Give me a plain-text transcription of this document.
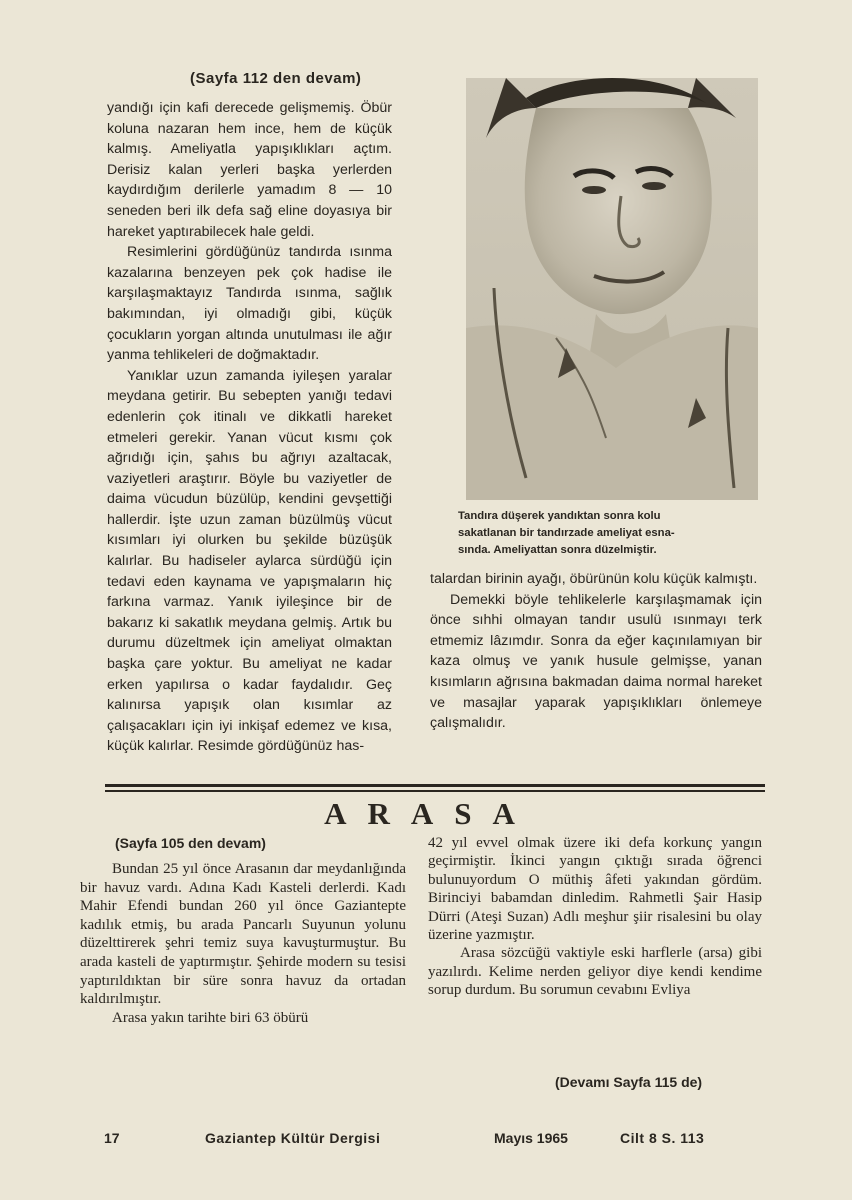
(Sayfa 112 den devam)

yandığı için kafi derecede gelişmemiş. Öbür koluna nazaran hem ince, hem de küçük kalmış. Ameliyatla yapışıklıkları açtım. Derisiz kalan yerleri başka yerlerden kaydırdığım derilerle yamadım 8 — 10 seneden beri ilk defa sağ eline doyasıya bir hareket yaptırabilecek hale geldi.

Resimlerini gördüğünüz tandırda ısınma kazalarına benzeyen pek çok hadise ile karşılaşmaktayız Tandırda ısınma, sağlık bakımından, iyi olmadığı gibi, küçük çocukların yorgan altında unutulması ile ağır yanma tehlikeleri de doğmaktadır.

Yanıklar uzun zamanda iyileşen yaralar meydana getirir. Bu sebepten yanığı tedavi edenlerin çok itinalı ve dikkatli hareket etmeleri gerekir. Yanan vücut kısmı çok ağrıdığı için, şahıs bu ağrıyı azaltacak, vaziyetleri araştırır. Böyle bu vaziyetler de daima vücudun büzülüp, kendini gevşettiği hallerdir. İşte uzun zaman büzülmüş vücut kısımları iyi olurken bu şekilde büzüşük kalırlar. Bu hadiseler aylarca sürdüğü için tedavi eden kaynama ve yapışmaların hiç farkına varmaz. Yanık iyileşince bir de bakarız ki sakatlık meydana gelmiş. Artık bu durumu düzeltmek için ameliyat olmaktan başka çare yoktur. Bu ameliyat ne kadar erken yapılırsa o kadar faydalıdır. Geç kalınırsa yapışık olan kısımlar az çalışacakları için iyi inkişaf edemez ve kısa, küçük kalırlar. Resimde gördüğünüz has-

Tandıra düşerek yandıktan sonra kolu
sakatlanan bir tandırzade ameliyat esna-
sında. Ameliyattan sonra düzelmiştir.

talardan birinin ayağı, öbürünün kolu küçük kalmıştı.

Demekki böyle tehlikelerle karşılaşmamak için önce sıhhi olmayan tandır usulü ısınmayı terk etmemiz lâzımdır. Sonra da eğer kaçınılamıyan bir kaza olmuş ve yanık husule gelmişse, yanan kısımların ağrısına bakmadan daima normal hareket ve masajlar yaparak yapışıklıkları önlemeye çalışmalıdır.

ARASA
(Sayfa 105 den devam)

Bundan 25 yıl önce Arasanın dar meydanlığında bir havuz vardı. Adına Kadı Kasteli derlerdi. Kadı Mahir Efendi bundan 260 yıl önce Gaziantepte kadılık etmiş, bu arada Pancarlı Suyunun yolunu düzelttirerek şehri temiz suya kavuşturmuştur. Bu arada kasteli de yaptırmıştır. Şehirde modern su tesisi yaptırıldıktan bir süre sonra havuz da ortadan kaldırılmıştır.

Arasa yakın tarihte biri 63 öbürü

42 yıl evvel olmak üzere iki defa korkunç yangın geçirmiştir. İkinci yangın çıktığı sırada öğrenci bulunuyordum O müthiş âfeti yakından gördüm. Birinciyi babamdan dinledim. Rahmetli Şair Hasip Dürri (Ateşi Suzan) Adlı meşhur şiir risalesini bu olay üzerine yazmıştır.

Arasa sözcüğü vaktiyle eski harflerle (arsa) gibi yazılırdı. Kelime nerden geliyor diye kendi kendime sorup durdum. Bu sorumun cevabını Evliya

(Devamı Sayfa 115 de)
17	Gaziantep Kültür Dergisi	Mayıs 1965	Cilt 8 S. 113
